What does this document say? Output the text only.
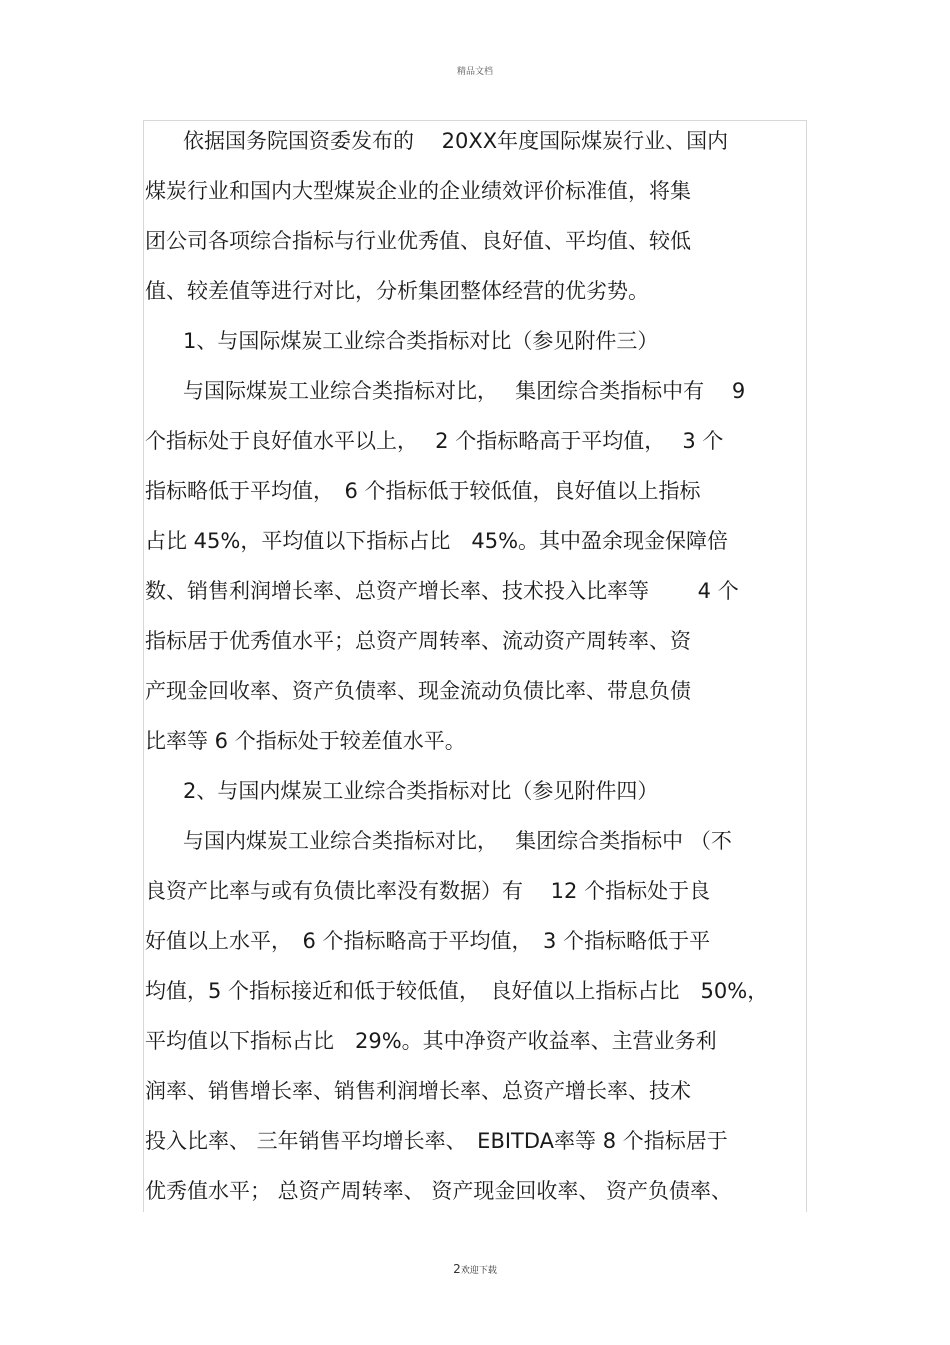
精品文档
依据国务院国资委发布的　 20XX年度国际煤炭行业、国内
煤炭行业和国内大型煤炭企业的企业绩效评价标准值，将集
团公司各项综合指标与行业优秀值、良好值、平均值、较低
值、较差值等进行对比，分析集团整体经营的优劣势。
1、与国际煤炭工业综合类指标对比（参见附件三）
与国际煤炭工业综合类指标对比，　 集团综合类指标中有　 9
个指标处于良好值水平以上，　 2 个指标略高于平均值，　 3 个
指标略低于平均值，　6 个指标低于较低值，良好值以上指标
占比 45%，平均值以下指标占比　45%。其中盈余现金保障倍
数、销售利润增长率、总资产增长率、技术投入比率等　　 4 个
指标居于优秀值水平；总资产周转率、流动资产周转率、资
产现金回收率、资产负债率、现金流动负债比率、带息负债
比率等 6 个指标处于较差值水平。
2、与国内煤炭工业综合类指标对比（参见附件四）
与国内煤炭工业综合类指标对比，　 集团综合类指标中 （不
良资产比率与或有负债比率没有数据）有　 12 个指标处于良
好值以上水平，　6 个指标略高于平均值，　3 个指标略低于平
均值，5 个指标接近和低于较低值，　良好值以上指标占比　50%，
平均值以下指标占比　29%。其中净资产收益率、主营业务利
润率、销售增长率、销售利润增长率、总资产增长率、技术
投入比率、 三年销售平均增长率、　EBITDA率等 8 个指标居于
优秀值水平； 总资产周转率、 资产现金回收率、 资产负债率、
2欢迎下载
